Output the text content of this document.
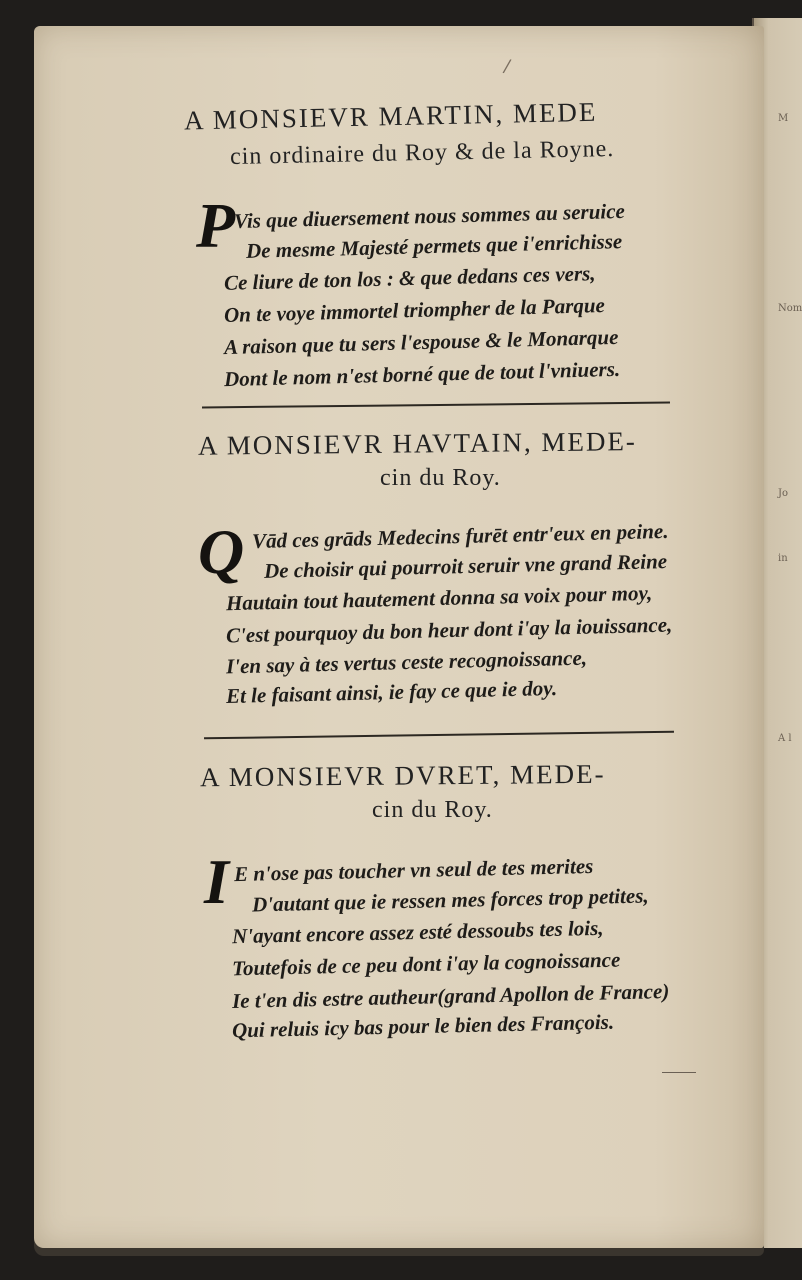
M
Nom
Jo
in
A l
/
A MONSIEVR MARTIN, MEDE
cin ordinaire du Roy & de la Royne.
P
Vis que diuersement nous sommes au seruice
De mesme Majesté permets que i'enrichisse
Ce liure de ton los : & que dedans ces vers,
On te voye immortel triompher de la Parque
A raison que tu sers l'espouse & le Monarque
Dont le nom n'est borné que de tout l'vniuers.
A MONSIEVR HAVTAIN, MEDE-
cin du Roy.
Q Vād ces grāds Medecins furēt entr'eux en peine.
De choisir qui pourroit seruir vne grand Reine
Hautain tout hautement donna sa voix pour moy,
C'est pourquoy du bon heur dont i'ay la iouissance,
I'en say à tes vertus ceste recognoissance,
Et le faisant ainsi, ie fay ce que ie doy.
A MONSIEVR DVRET, MEDE-
cin du Roy.
I E n'ose pas toucher vn seul de tes merites
D'autant que ie ressen mes forces trop petites,
N'ayant encore assez esté dessoubs tes lois,
Toutefois de ce peu dont i'ay la cognoissance
Ie t'en dis estre autheur(grand Apollon de France)
Qui reluis icy bas pour le bien des François.
